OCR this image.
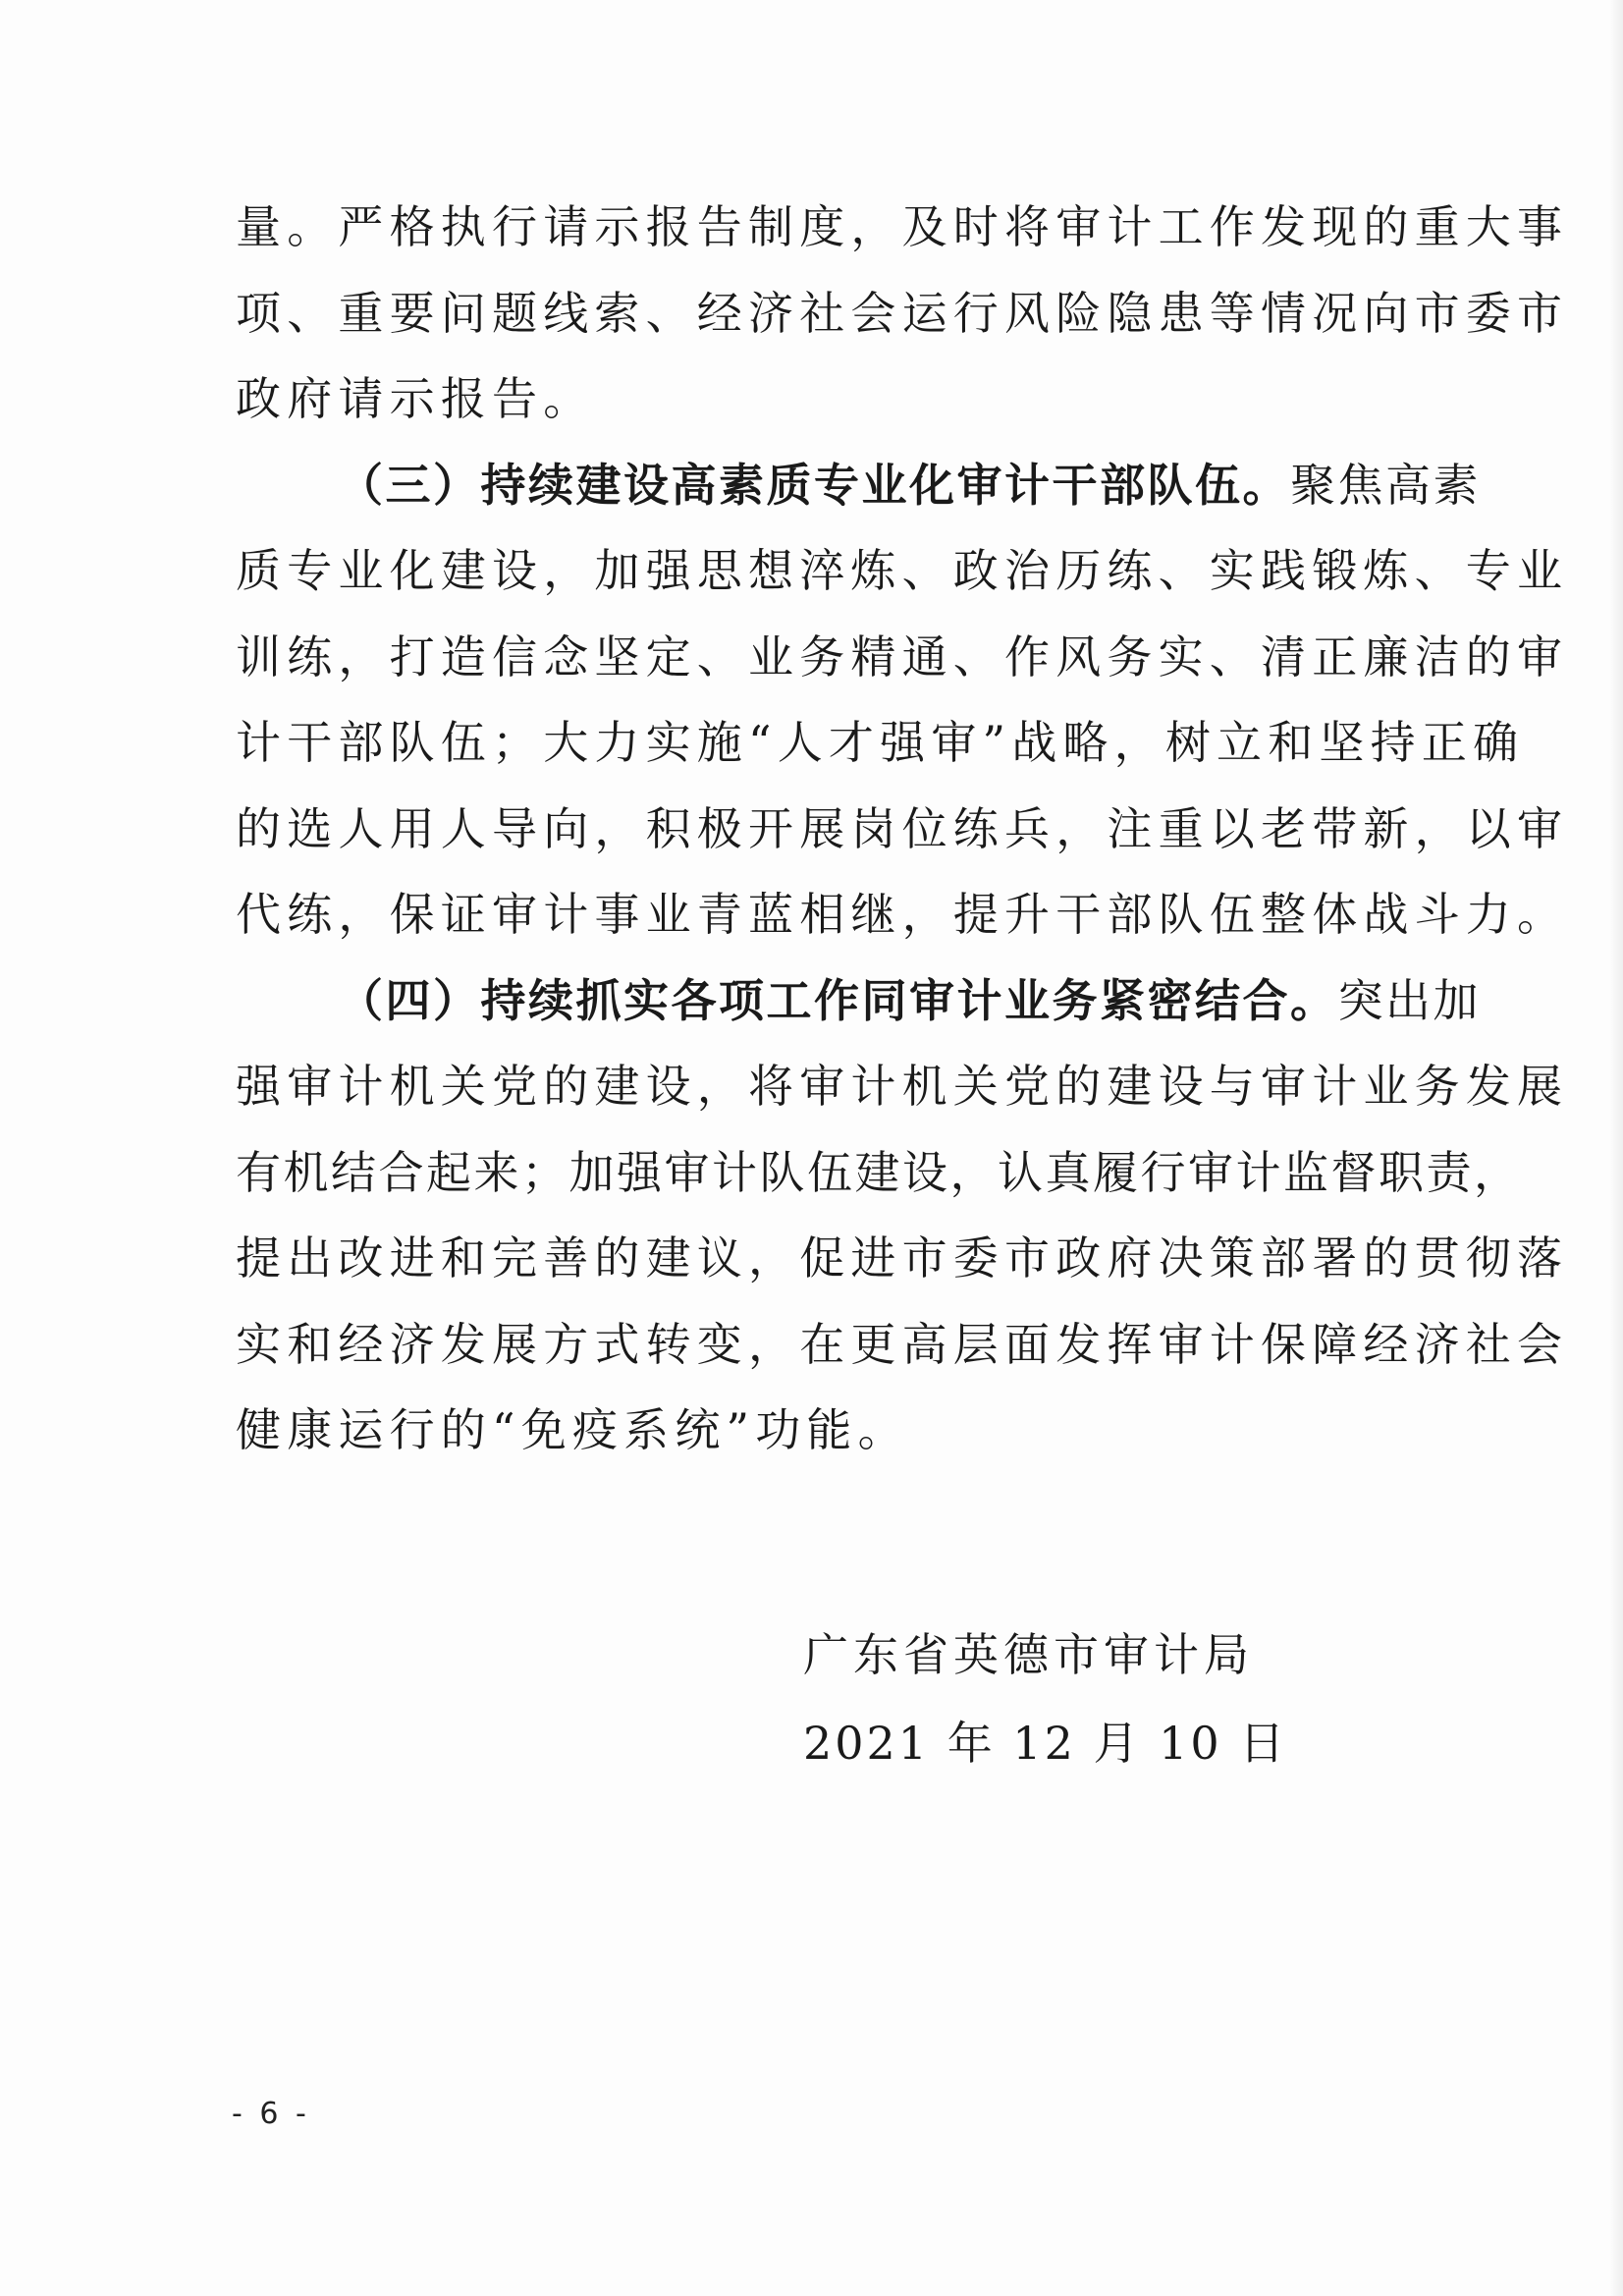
量。严格执行请示报告制度，及时将审计工作发现的重大事
项、重要问题线索、经济社会运行风险隐患等情况向市委市
政府请示报告。
（三）持续建设高素质专业化审计干部队伍。聚焦高素
质专业化建设，加强思想淬炼、政治历练、实践锻炼、专业
训练，打造信念坚定、业务精通、作风务实、清正廉洁的审
计干部队伍；大力实施“人才强审”战略，树立和坚持正确
的选人用人导向，积极开展岗位练兵，注重以老带新，以审
代练，保证审计事业青蓝相继，提升干部队伍整体战斗力。
（四）持续抓实各项工作同审计业务紧密结合。突出加
强审计机关党的建设，将审计机关党的建设与审计业务发展
有机结合起来；加强审计队伍建设，认真履行审计监督职责，
提出改进和完善的建议，促进市委市政府决策部署的贯彻落
实和经济发展方式转变，在更高层面发挥审计保障经济社会
健康运行的“免疫系统”功能。
广东省英德市审计局
2021 年 12 月 10 日
- 6 -
